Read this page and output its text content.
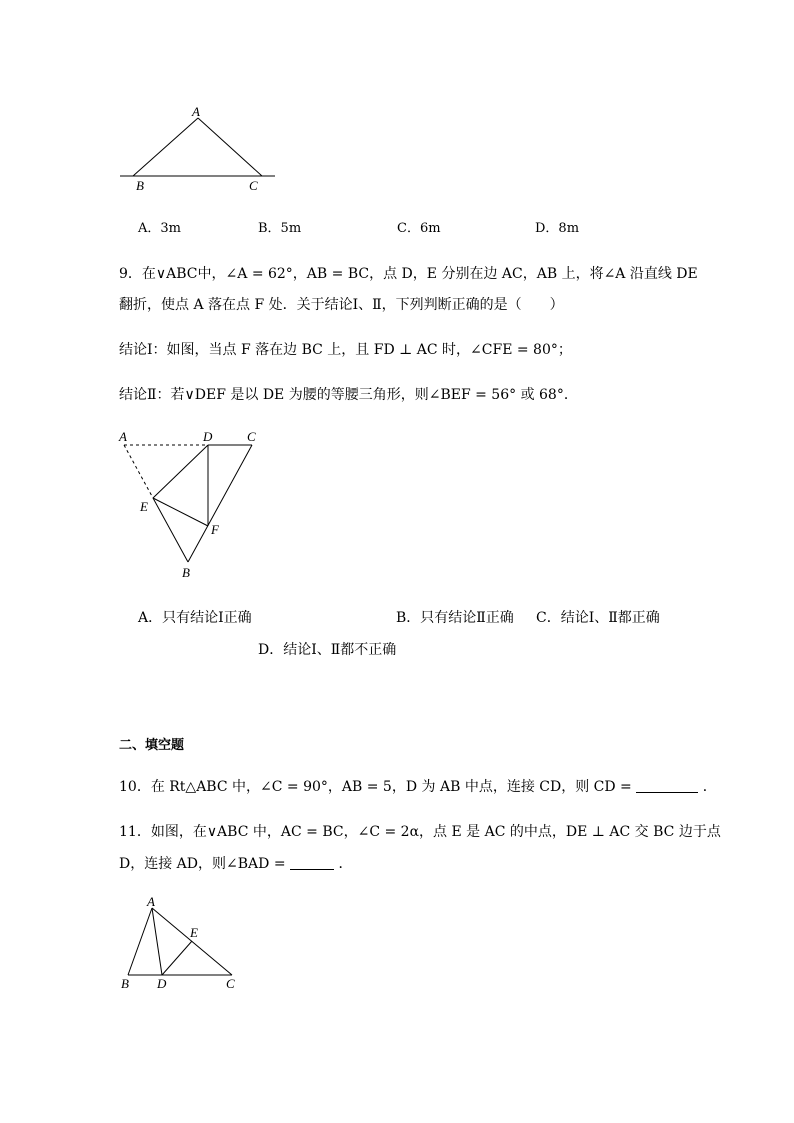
A
B	C
A．3m	B．5m	C．6m	D．8m
9．在∨ABC中，∠A = 62°，AB = BC，点 D，E 分别在边 AC，AB 上，将∠A 沿直线 DE
翻折，使点 A 落在点 F 处．关于结论Ⅰ、Ⅱ，下列判断正确的是（　　）
结论Ⅰ：如图，当点 F 落在边 BC 上，且 FD ⊥ AC 时，∠CFE = 80°；
结论Ⅱ：若∨DEF 是以 DE 为腰的等腰三角形，则∠BEF = 56° 或 68°．
A	D	C
E
F
B
A．只有结论Ⅰ正确	B．只有结论Ⅱ正确 C．结论Ⅰ、Ⅱ都正确
D．结论Ⅰ、Ⅱ都不正确
二、填空题
10．在 Rt△ABC 中，∠C = 90°，AB = 5，D 为 AB 中点，连接 CD，则 CD =	．
11．如图，在∨ABC 中，AC = BC，∠C = 2α，点 E 是 AC 的中点，DE ⊥ AC 交 BC 边于点
D，连接 AD，则∠BAD =	．
A
E
B D	C
